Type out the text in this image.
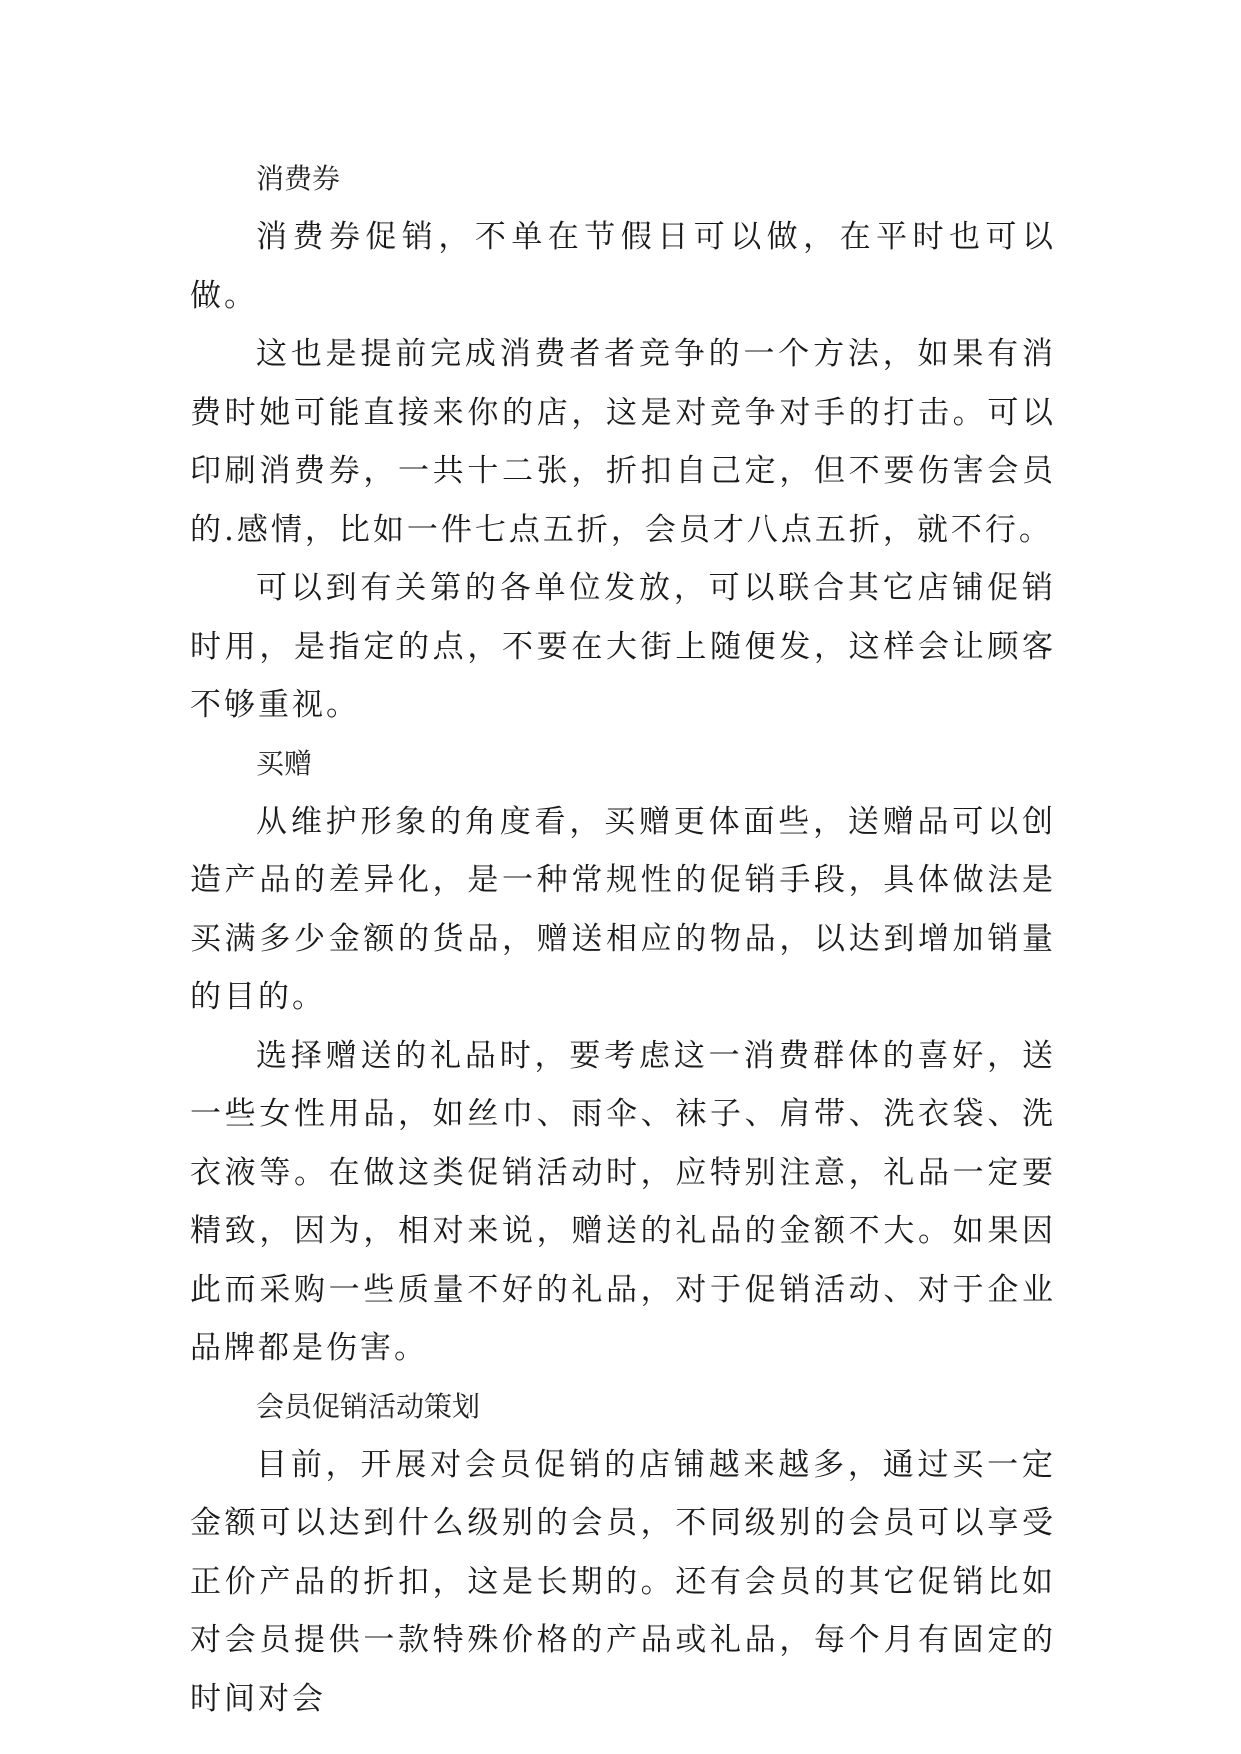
消费券

消费券促销，不单在节假日可以做，在平时也可以做。

这也是提前完成消费者者竞争的一个方法，如果有消费时她可能直接来你的店，这是对竞争对手的打击。可以印刷消费券，一共十二张，折扣自己定，但不要伤害会员的.感情，比如一件七点五折，会员才八点五折，就不行。

可以到有关第的各单位发放，可以联合其它店铺促销时用，是指定的点，不要在大街上随便发，这样会让顾客不够重视。

买赠

从维护形象的角度看，买赠更体面些，送赠品可以创造产品的差异化，是一种常规性的促销手段，具体做法是买满多少金额的货品，赠送相应的物品，以达到增加销量的目的。

选择赠送的礼品时，要考虑这一消费群体的喜好，送一些女性用品，如丝巾、雨伞、袜子、肩带、洗衣袋、洗衣液等。在做这类促销活动时，应特别注意，礼品一定要精致，因为，相对来说，赠送的礼品的金额不大。如果因此而采购一些质量不好的礼品，对于促销活动、对于企业品牌都是伤害。

会员促销活动策划

目前，开展对会员促销的店铺越来越多，通过买一定金额可以达到什么级别的会员，不同级别的会员可以享受正价产品的折扣，这是长期的。还有会员的其它促销比如对会员提供一款特殊价格的产品或礼品，每个月有固定的时间对会
